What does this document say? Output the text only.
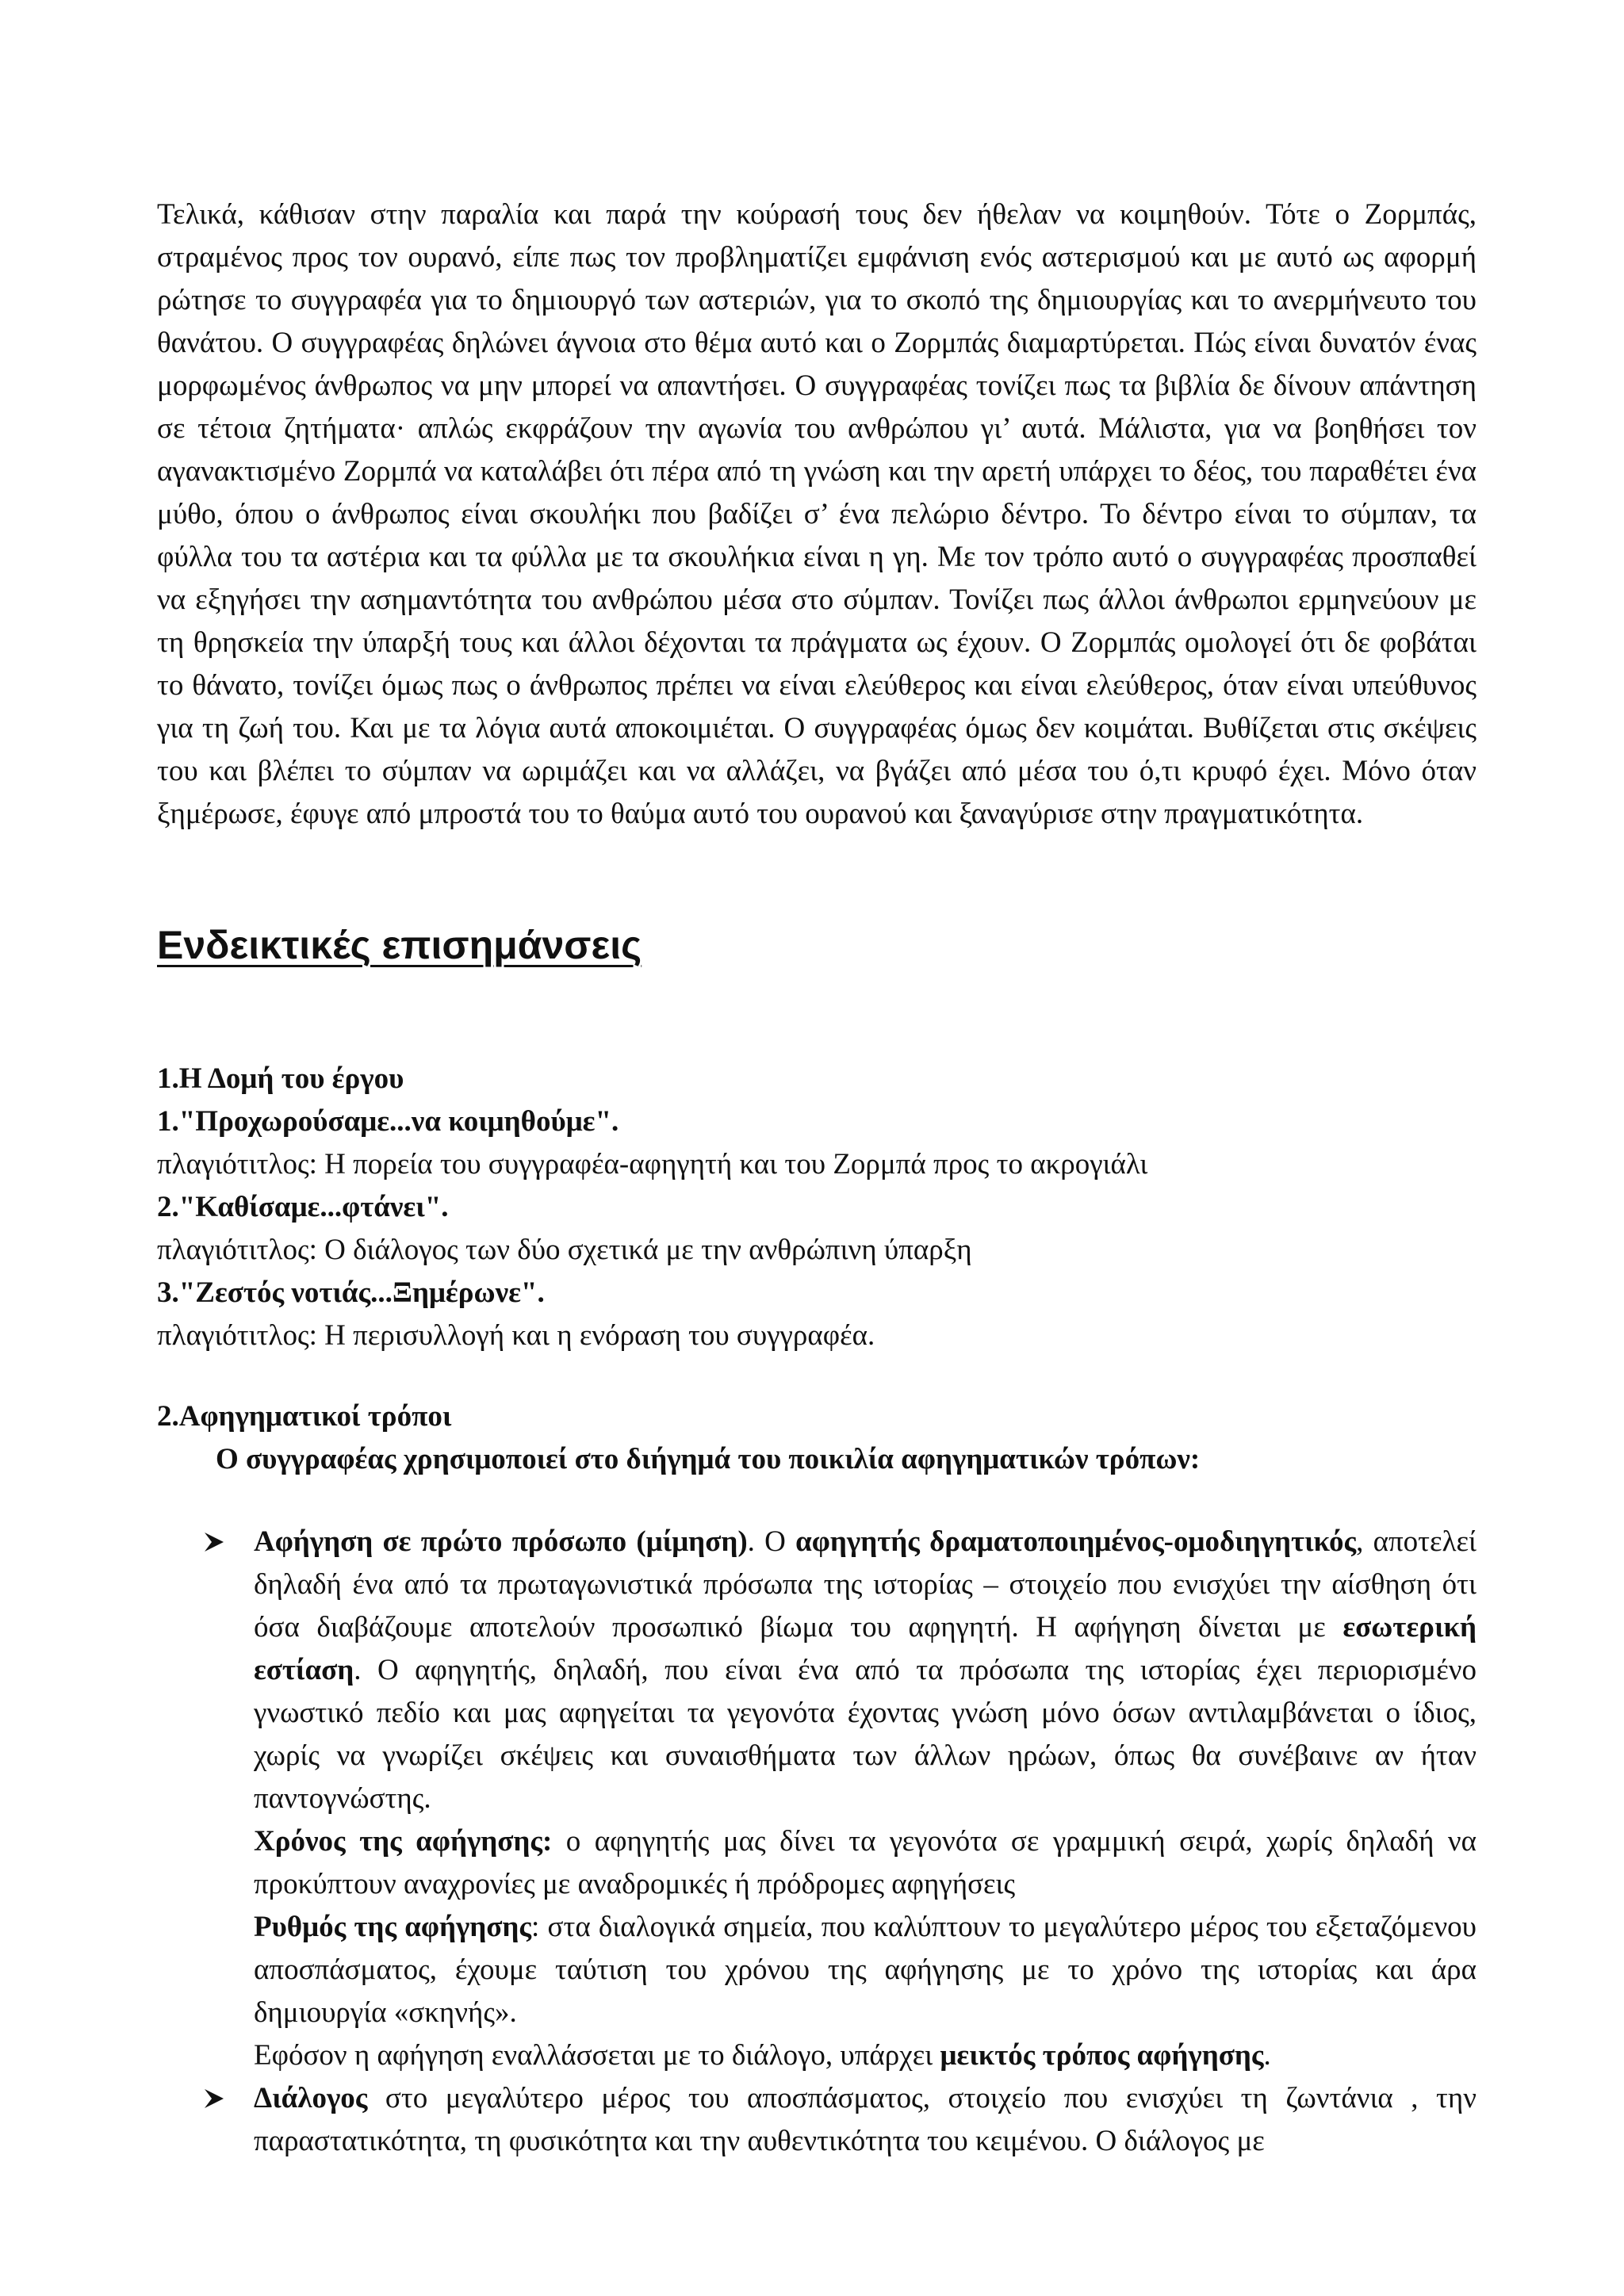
Τελικά, κάθισαν στην παραλία και παρά την κούρασή τους δεν ήθελαν να κοιμηθούν. Τότε ο Ζορμπάς, στραμένος προς τον ουρανό, είπε πως τον προβληματίζει εμφάνιση ενός αστερισμού και με αυτό ως αφορμή ρώτησε το συγγραφέα για το δημιουργό των αστεριών, για το σκοπό της δημιουργίας και το ανερμήνευτο του θανάτου. Ο συγγραφέας δηλώνει άγνοια στο θέμα αυτό και ο Ζορμπάς διαμαρτύρεται. Πώς είναι δυνατόν ένας μορφωμένος άνθρωπος να μην μπορεί να απαντήσει. Ο συγγραφέας τονίζει πως τα βιβλία δε δίνουν απάντηση σε τέτοια ζητήματα· απλώς εκφράζουν την αγωνία του ανθρώπου γι’ αυτά. Μάλιστα, για να βοηθήσει τον αγανακτισμένο Ζορμπά να καταλάβει ότι πέρα από τη γνώση και την αρετή υπάρχει το δέος, του παραθέτει ένα μύθο, όπου ο άνθρωπος είναι σκουλήκι που βαδίζει σ’ ένα πελώριο δέντρο. Το δέντρο είναι το σύμπαν, τα φύλλα του τα αστέρια και τα φύλλα με τα σκουλήκια είναι η γη. Με τον τρόπο αυτό ο συγγραφέας προσπαθεί να εξηγήσει την ασημαντότητα του ανθρώπου μέσα στο σύμπαν. Τονίζει πως άλλοι άνθρωποι ερμηνεύουν με τη θρησκεία την ύπαρξή τους και άλλοι δέχονται τα πράγματα ως έχουν. Ο Ζορμπάς ομολογεί ότι δε φοβάται το θάνατο, τονίζει όμως πως ο άνθρωπος πρέπει να είναι ελεύθερος και είναι ελεύθερος, όταν είναι υπεύθυνος για τη ζωή του. Και με τα λόγια αυτά αποκοιμιέται. Ο συγγραφέας όμως δεν κοιμάται. Βυθίζεται στις σκέψεις του και βλέπει το σύμπαν να ωριμάζει και να αλλάζει, να βγάζει από μέσα του ό,τι κρυφό έχει. Μόνο όταν ξημέρωσε, έφυγε από μπροστά του το θαύμα αυτό του ουρανού και ξαναγύρισε στην πραγματικότητα.

Ενδεικτικές επισημάνσεις

1.Η Δομή του έργου

1."Προχωρούσαμε...να κοιμηθούμε".

πλαγιότιτλος: Η πορεία του συγγραφέα-αφηγητή και του Ζορμπά προς το ακρογιάλι

2."Καθίσαμε...φτάνει".

πλαγιότιτλος: Ο διάλογος των δύο σχετικά με την ανθρώπινη ύπαρξη

3."Ζεστός νοτιάς...Ξημέρωνε".

πλαγιότιτλος: Η περισυλλογή και η ενόραση του συγγραφέα.

2.Αφηγηματικοί τρόποι

Ο συγγραφέας χρησιμοποιεί στο διήγημά του ποικιλία αφηγηματικών τρόπων:

Αφήγηση σε πρώτο πρόσωπο (μίμηση). Ο αφηγητής δραματοποιημένος-ομοδιηγητικός, αποτελεί δηλαδή ένα από τα πρωταγωνιστικά πρόσωπα της ιστορίας – στοιχείο που ενισχύει την αίσθηση ότι όσα διαβάζουμε αποτελούν προσωπικό βίωμα του αφηγητή. Η αφήγηση δίνεται με εσωτερική εστίαση. Ο αφηγητής, δηλαδή, που είναι ένα από τα πρόσωπα της ιστορίας έχει περιορισμένο γνωστικό πεδίο και μας αφηγείται τα γεγονότα έχοντας γνώση μόνο όσων αντιλαμβάνεται ο ίδιος, χωρίς να γνωρίζει σκέψεις και συναισθήματα των άλλων ηρώων, όπως θα συνέβαινε αν ήταν παντογνώστης.

Χρόνος της αφήγησης: ο αφηγητής μας δίνει τα γεγονότα σε γραμμική σειρά, χωρίς δηλαδή να προκύπτουν αναχρονίες με αναδρομικές ή πρόδρομες αφηγήσεις

Ρυθμός της αφήγησης: στα διαλογικά σημεία, που καλύπτουν το μεγαλύτερο μέρος του εξεταζόμενου αποσπάσματος, έχουμε ταύτιση του χρόνου της αφήγησης με το χρόνο της ιστορίας και άρα δημιουργία «σκηνής».

Εφόσον η αφήγηση εναλλάσσεται με το διάλογο, υπάρχει μεικτός τρόπος αφήγησης.

Διάλογος στο μεγαλύτερο μέρος του αποσπάσματος, στοιχείο που ενισχύει τη ζωντάνια , την παραστατικότητα, τη φυσικότητα και την αυθεντικότητα του κειμένου. Ο διάλογος με
